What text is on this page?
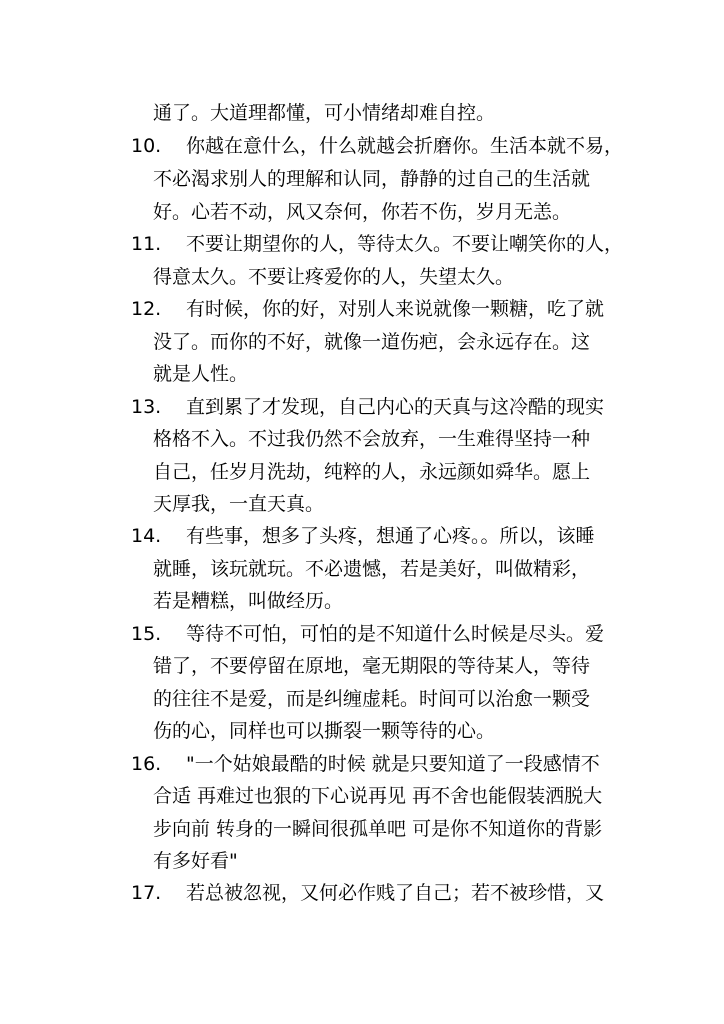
通了。大道理都懂，可小情绪却难自控。
10. 你越在意什么，什么就越会折磨你。生活本就不易，
不必渴求别人的理解和认同，静静的过自己的生活就
好。心若不动，风又奈何，你若不伤，岁月无恙。
11. 不要让期望你的人，等待太久。不要让嘲笑你的人，
得意太久。不要让疼爱你的人，失望太久。
12. 有时候，你的好，对别人来说就像一颗糖，吃了就
没了。而你的不好，就像一道伤疤，会永远存在。这
就是人性。
13. 直到累了才发现，自己内心的天真与这冷酷的现实
格格不入。不过我仍然不会放弃，一生难得坚持一种
自己，任岁月洗劫，纯粹的人，永远颜如舜华。愿上
天厚我，一直天真。
14. 有些事，想多了头疼，想通了心疼。。所以，该睡
就睡，该玩就玩。不必遗憾，若是美好，叫做精彩，
若是糟糕，叫做经历。
15. 等待不可怕，可怕的是不知道什么时候是尽头。爱
错了，不要停留在原地，毫无期限的等待某人，等待
的往往不是爱，而是纠缠虚耗。时间可以治愈一颗受
伤的心，同样也可以撕裂一颗等待的心。
16. "一个姑娘最酷的时候 就是只要知道了一段感情不
合适 再难过也狠的下心说再见 再不舍也能假装洒脱大
步向前 转身的一瞬间很孤单吧 可是你不知道你的背影
有多好看"
17. 若总被忽视，又何必作贱了自己；若不被珍惜，又
